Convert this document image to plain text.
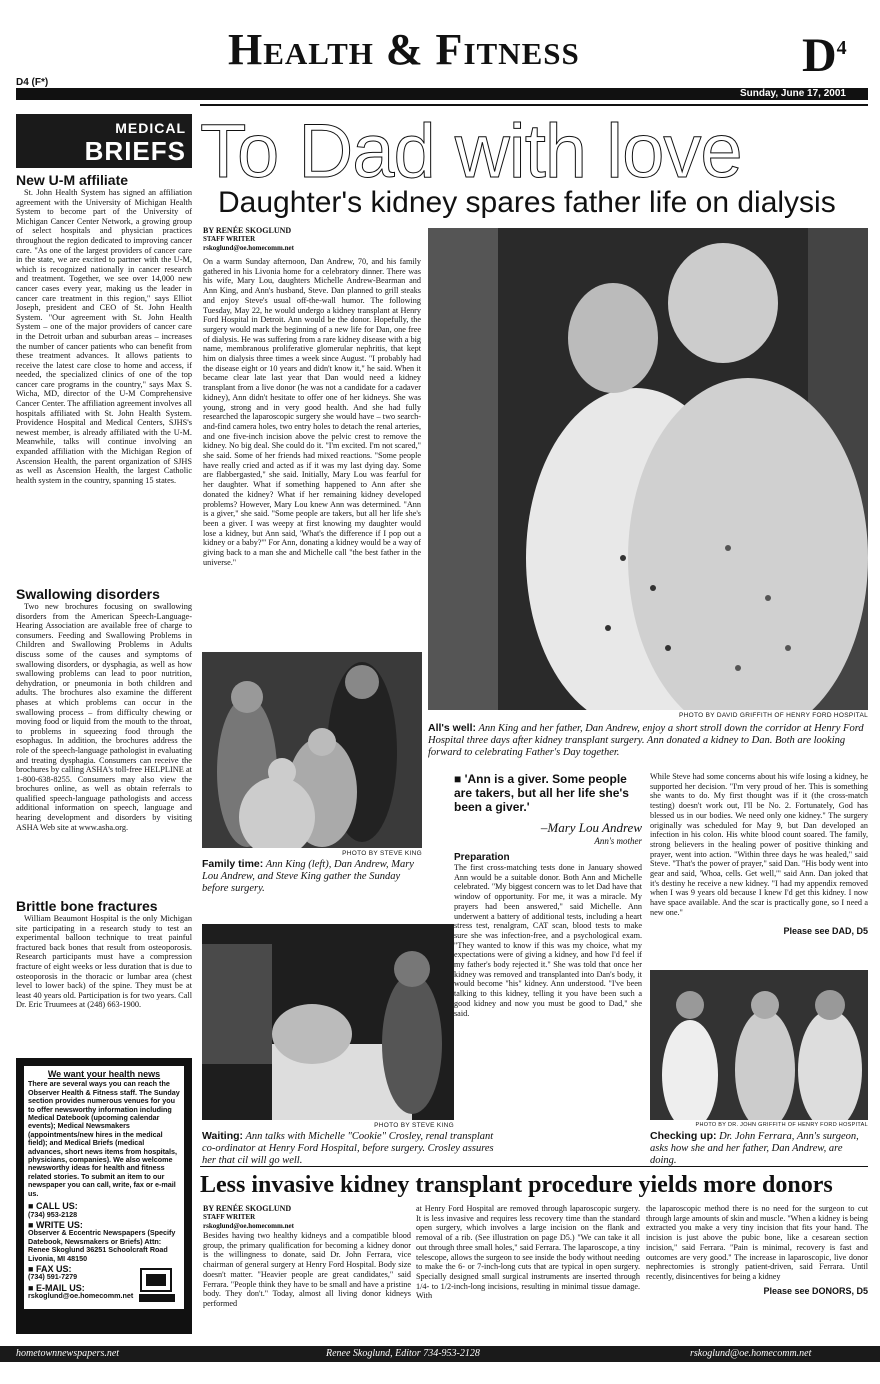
Health & Fitness	$D^4$
D4 (F*)
Sunday, June 17, 2001
MEDICAL
BRIEFS
New U-M affiliate
St. John Health System has signed an affiliation agreement with the University of Michigan Health System to become part of the University of Michigan Cancer Center Network, a growing group of select hospitals and physician practices throughout the region dedicated to improving cancer care. "As one of the largest providers of cancer care in the state, we are excited to partner with the U-M, which is recognized nationally in cancer research and treatment. Together, we see over 14,000 new cancer cases every year, making us the leader in cancer care treatment in this region," says Elliot Joseph, president and CEO of St. John Health System. "Our agreement with St. John Health System – one of the major providers of cancer care in the Detroit urban and suburban areas – increases the number of cancer patients who can benefit from these treatment advances. It allows patients to receive the latest care close to home and access, if needed, the specialized clinics of one of the top cancer care programs in the country," says Max S. Wicha, MD, director of the U-M Comprehensive Cancer Center. The affiliation agreement involves all hospitals affiliated with St. John Health System. Providence Hospital and Medical Centers, SJHS's newest member, is already affiliated with the U-M. Meanwhile, talks will continue involving an expanded affiliation with the Michigan Region of Ascension Health, the parent organization of SJHS as well as Ascension Health, the largest Catholic health system in the country, spanning 15 states.
Swallowing disorders
Two new brochures focusing on swallowing disorders from the American Speech-Language-Hearing Association are available free of charge to consumers. Feeding and Swallowing Problems in Children and Swallowing Problems in Adults discuss some of the causes and symptoms of swallowing disorders, or dysphagia, as well as how swallowing problems can lead to poor nutrition, dehydration, or pneumonia in both children and adults. The brochures also examine the different phases at which problems can occur in the swallowing process – from difficulty chewing or moving food or liquid from the mouth to the throat, to problems in squeezing food through the esophagus. In addition, the brochures address the role of the speech-language pathologist in evaluating and treating dysphagia. Consumers can receive the brochures by calling ASHA's toll-free HELPLINE at 1-800-638-8255. Consumers may also view the brochures online, as well as obtain referrals to qualified speech-language pathologists and access additional information on speech, language and hearing development and disorders by visiting ASHA Web site at www.asha.org.
Brittle bone fractures
William Beaumont Hospital is the only Michigan site participating in a research study to test an experimental balloon technique to treat painful fractured back bones that result from osteoporosis. Research participants must have a compression fracture of eight weeks or less duration that is due to osteoporosis in the thoracic or lumbar area (chest level to lower back) of the spine. They must be at least 40 years old. Participation is for two years. Call Dr. Eric Truumees at (248) 663-1900.
We want your health news
There are several ways you can reach the Observer Health & Fitness staff. The Sunday section provides numerous venues for you to offer newsworthy information including Medical Datebook (upcoming calendar events); Medical Newsmakers (appointments/new hires in the medical field); and Medical Briefs (medical advances, short news items from hospitals, physicians, companies). We also welcome newsworthy ideas for health and fitness related stories. To submit an item to our newspaper you can call, write, fax or e-mail us.
■ CALL US:
(734) 953-2128
■ WRITE US:
Observer & Eccentric Newspapers (Specify Datebook, Newsmakers or Briefs) Attn: Renee Skoglund 36251 Schoolcraft Road Livonia, MI 48150
■ FAX US:
(734) 591-7279
■ E-MAIL US:
rskoglund@oe.homecomm.net
To Dad with love
Daughter's kidney spares father life on dialysis
BY RENÉE SKOGLUND
STAFF WRITER
rskoglund@oe.homecomm.net
On a warm Sunday afternoon, Dan Andrew, 70, and his family gathered in his Livonia home for a celebratory dinner. There was his wife, Mary Lou, daughters Michelle Andrew-Bearman and Ann King, and Ann's husband, Steve. Dan planned to grill steaks and enjoy Steve's usual off-the-wall humor. The following Tuesday, May 22, he would undergo a kidney transplant at Henry Ford Hospital in Detroit. Ann would be the donor. Hopefully, the surgery would mark the beginning of a new life for Dan, one free of dialysis. He was suffering from a rare kidney disease with a big name, membranous proliferative glomerular nephritis, that kept him on dialysis three times a week since August. "I probably had the disease eight or 10 years and didn't know it," he said. When it became clear late last year that Dan would need a kidney transplant from a live donor (he was not a candidate for a cadaver kidney), Ann didn't hesitate to offer one of her kidneys. She was young, strong and in very good health. And she had fully researched the laparoscopic surgery she would have – two search-and-find camera holes, two entry holes to detach the renal arteries, and one five-inch incision above the pelvic crest to remove the kidney. No big deal. She could do it. "I'm excited. I'm not scared," she said. Some of her friends had mixed reactions. "Some people have really cried and acted as if it was my last dying day. Some are flabbergasted," she said. Initially, Mary Lou was fearful for her daughter. What if something happened to Ann after she donated the kidney? What if her remaining kidney developed problems? However, Mary Lou knew Ann was determined. "Ann is a giver," she said. "Some people are takers, but all her life she's been a giver. I was weepy at first knowing my daughter would lose a kidney, but Ann said, 'What's the difference if I pop out a kidney or a baby?'" For Ann, donating a kidney would be a way of giving back to a man she and Michelle call "the best father in the universe."
PHOTO BY DAVID GRIFFITH OF HENRY FORD HOSPITAL
All's well: Ann King and her father, Dan Andrew, enjoy a short stroll down the corridor at Henry Ford Hospital three days after kidney transplant surgery. Ann donated a kidney to Dan. Both are looking forward to celebrating Father's Day together.
PHOTO BY STEVE KING
Family time: Ann King (left), Dan Andrew, Mary Lou Andrew, and Steve King gather the Sunday before surgery.
■ 'Ann is a giver. Some people are takers, but all her life she's been a giver.'
–Mary Lou Andrew
Ann's mother
Preparation
The first cross-matching tests done in January showed Ann would be a suitable donor. Both Ann and Michelle celebrated. "My biggest concern was to let Dad have that window of opportunity. For me, it was a miracle. My prayers had been answered," said Michelle. Ann underwent a battery of additional tests, including a heart stress test, renalgram, CAT scan, blood tests to make sure she was infection-free, and a psychological exam. "They wanted to know if this was my choice, what my expectations were of giving a kidney, and how I'd feel if my father's body rejected it." She was told that once her kidney was removed and transplanted into Dan's body, it would become "his" kidney. Ann understood. "I've been talking to this kidney, telling it you have been such a good kidney and now you must be good to Dad," she said.
While Steve had some concerns about his wife losing a kidney, he supported her decision. "I'm very proud of her. This is something she wants to do. My first thought was if it (the cross-match testing) doesn't work out, I'll be No. 2. Fortunately, God has blessed us in our bodies. We need only one kidney." The surgery originally was scheduled for May 9, but Dan developed an infection in his colon. His white blood count soared. The family, strong believers in the healing power of positive thinking and prayer, went into action. "Within three days he was healed," said Steve. "That's the power of prayer," said Dan. "His body went into gear and said, 'Whoa, cells. Get well,'" said Ann. Dan joked that it's destiny he receive a new kidney. "I had my appendix removed when I was 9 years old because I knew I'd get this kidney. I now have space available. And the scar is practically gone, so I need a new one."
Please see DAD, D5
PHOTO BY STEVE KING
Waiting: Ann talks with Michelle "Cookie" Crosley, renal transplant co-ordinator at Henry Ford Hospital, before surgery. Crosley assures her that cil will go well.
PHOTO BY DR. JOHN GRIFFITH OF HENRY FORD HOSPITAL
Checking up: Dr. John Ferrara, Ann's surgeon, asks how she and her father, Dan Andrew, are doing.
Less invasive kidney transplant procedure yields more donors
BY RENÉE SKOGLUND
STAFF WRITER
rskoglund@oe.homecomm.net
Besides having two healthy kidneys and a compatible blood group, the primary qualification for becoming a kidney donor is the willingness to donate, said Dr. John Ferrara, vice chairman of general surgery at Henry Ford Hospital. Body size doesn't matter. "Heavier people are great candidates," said Ferrara. "People think they have to be small and have a pristine body. They don't." Today, almost all living donor kidneys performed
at Henry Ford Hospital are removed through laparoscopic surgery. It is less invasive and requires less recovery time than the standard open surgery, which involves a large incision on the flank and removal of a rib. (See illustration on page D5.) "We can take it all out through three small holes," said Ferrara. The laparoscope, a tiny telescope, allows the surgeon to see inside the body without needing to make the 6- or 7-inch-long cuts that are typical in open surgery. Specially designed small surgical instruments are inserted through 1/4- to 1/2-inch-long incisions, resulting in minimal tissue damage. With
the laparoscopic method there is no need for the surgeon to cut through large amounts of skin and muscle. "When a kidney is being extracted you make a very tiny incision that fits your hand. The incision is just above the pubic bone, like a cesarean section incision," said Ferrara. "Pain is minimal, recovery is fast and outcomes are very good." The increase in laparoscopic, live donor nephrectomies is strongly patient-driven, said Ferrara. Until recently, disincentives for being a kidney
Please see DONORS, D5
hometownnewspapers.net	Renee Skoglund, Editor 734-953-2128	rskoglund@oe.homecomm.net
